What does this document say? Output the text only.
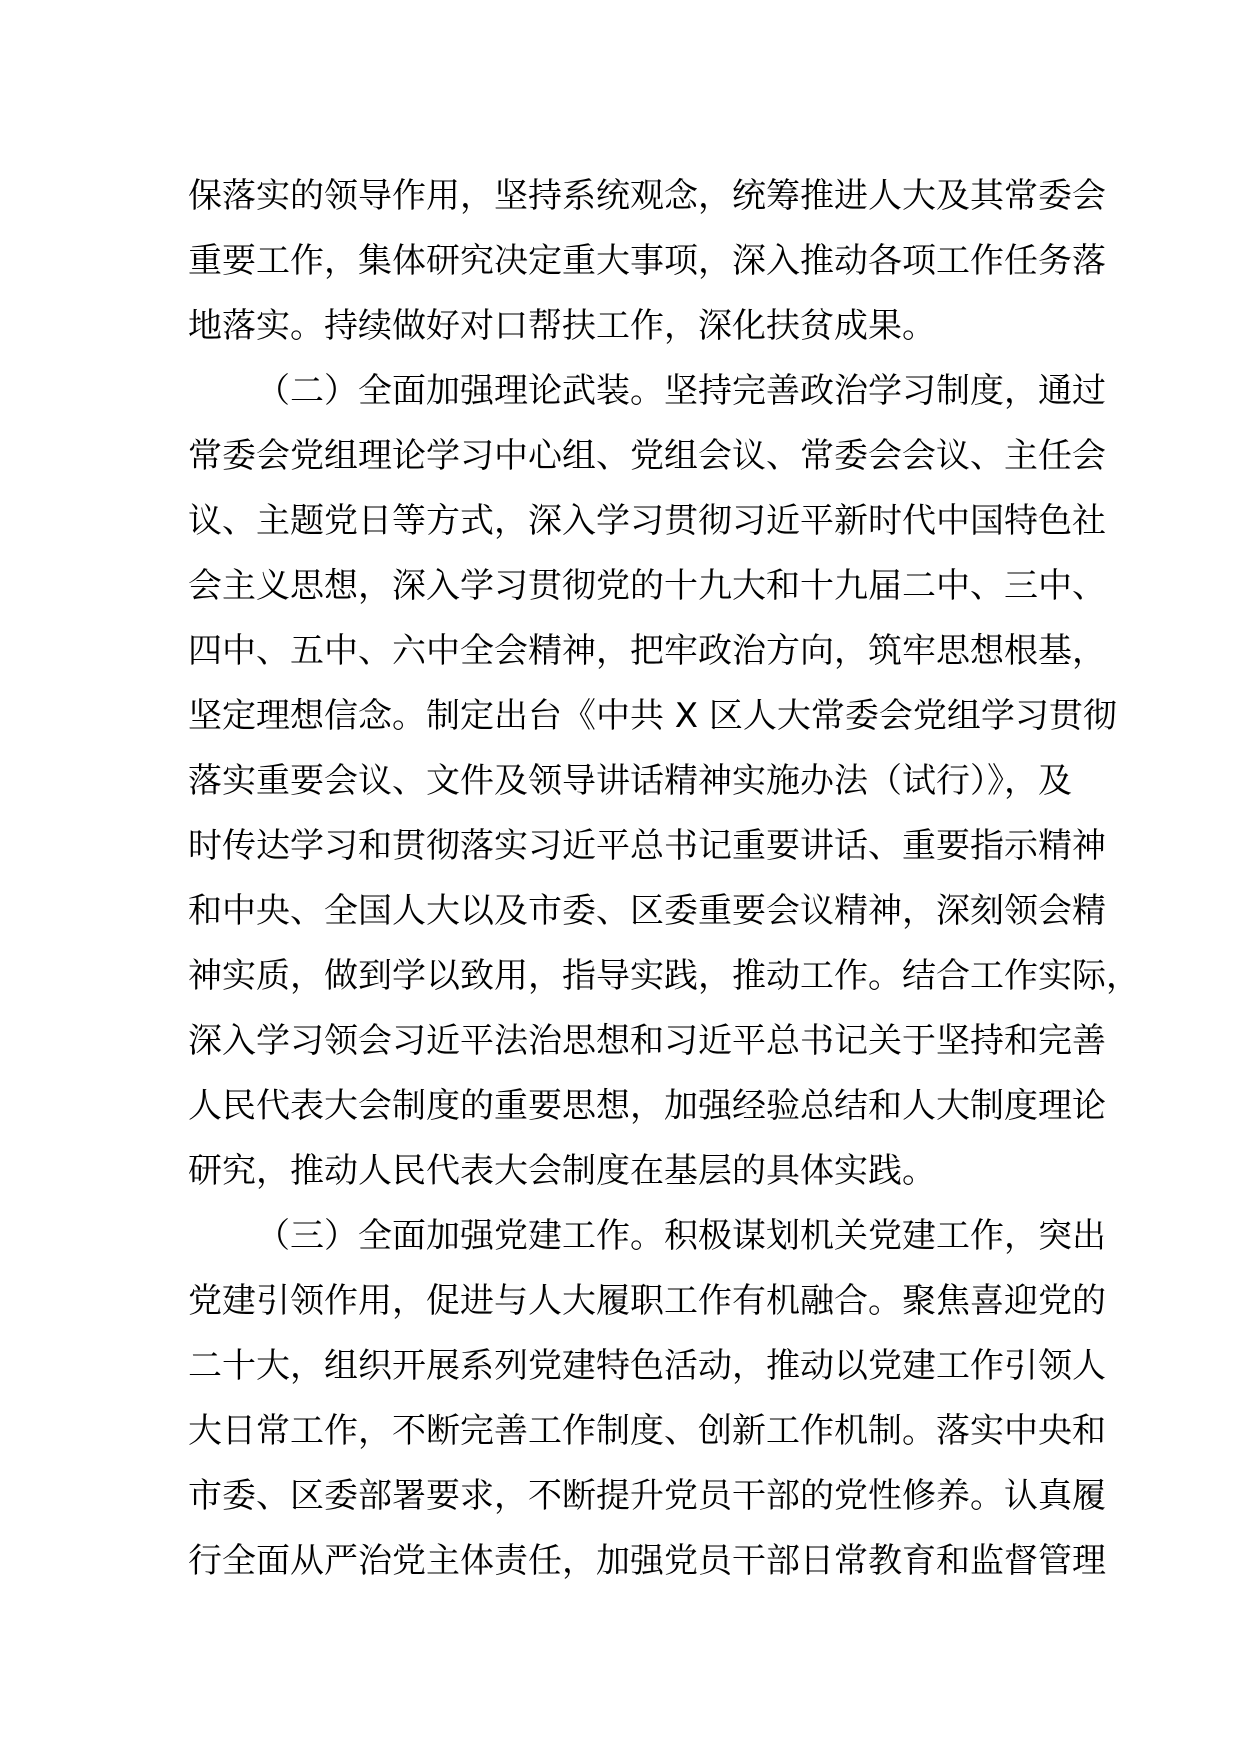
保落实的领导作用，坚持系统观念，统筹推进人大及其常委会
重要工作，集体研究决定重大事项，深入推动各项工作任务落
地落实。持续做好对口帮扶工作，深化扶贫成果。
（二）全面加强理论武装。坚持完善政治学习制度，通过
常委会党组理论学习中心组、党组会议、常委会会议、主任会
议、主题党日等方式，深入学习贯彻习近平新时代中国特色社
会主义思想，深入学习贯彻党的十九大和十九届二中、三中、
四中、五中、六中全会精神，把牢政治方向，筑牢思想根基，
坚定理想信念。制定出台《中共 X 区人大常委会党组学习贯彻
落实重要会议、文件及领导讲话精神实施办法（试行）》，及
时传达学习和贯彻落实习近平总书记重要讲话、重要指示精神
和中央、全国人大以及市委、区委重要会议精神，深刻领会精
神实质，做到学以致用，指导实践，推动工作。结合工作实际，
深入学习领会习近平法治思想和习近平总书记关于坚持和完善
人民代表大会制度的重要思想，加强经验总结和人大制度理论
研究，推动人民代表大会制度在基层的具体实践。
（三）全面加强党建工作。积极谋划机关党建工作，突出
党建引领作用，促进与人大履职工作有机融合。聚焦喜迎党的
二十大，组织开展系列党建特色活动，推动以党建工作引领人
大日常工作，不断完善工作制度、创新工作机制。落实中央和
市委、区委部署要求，不断提升党员干部的党性修养。认真履
行全面从严治党主体责任，加强党员干部日常教育和监督管理
